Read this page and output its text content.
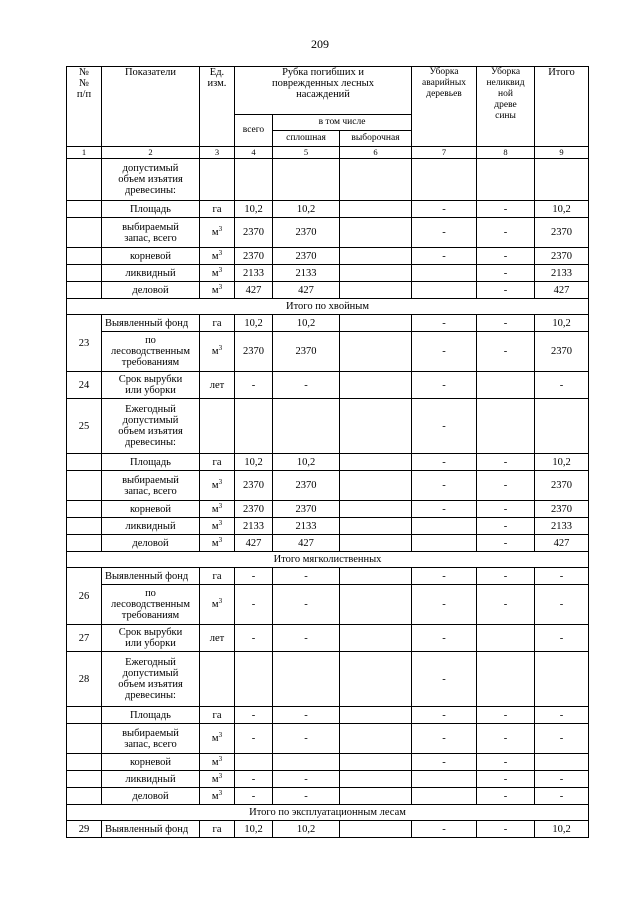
209
№
№
п/п	Показатели	Ед.
изм.	Рубка погибших и
поврежденных лесных
насаждений			Уборка
аварийных
деревьев	Уборка
неликвид
ной
древе
сины	Итого
			всего	в том числе				
				сплошная	выборочная			
1	2	3	4	5	6	7	8	9
	допустимый
объем изъятия
древесины:							
	Площадь	га	10,2	10,2		-	-	10,2
	выбираемый
запас, всего	$м^3$	2370	2370		-	-	2370
	корневой	$м^3$	2370	2370		-	-	2370
	ликвидный	$м^3$	2133	2133			-	2133
	деловой	$м^3$	427	427			-	427
Итого по хвойным								
23	Выявленный фонд	га	10,2	10,2		-	-	10,2
	по
лесоводственным
требованиям	$м^3$	2370	2370		-	-	2370
24	Срок вырубки
или уборки	лет	-	-		-		-
25	Ежегодный
допустимый
объем изъятия
древесины:					-		
	Площадь	га	10,2	10,2		-	-	10,2
	выбираемый
запас, всего	$м^3$	2370	2370		-	-	2370
	корневой	$м^3$	2370	2370		-	-	2370
	ликвидный	$м^3$	2133	2133			-	2133
	деловой	$м^3$	427	427			-	427
Итого мягколиственных								
26	Выявленный фонд	га	-	-		-	-	-
	по
лесоводственным
требованиям	$м^3$	-	-		-	-	-
27	Срок вырубки
или уборки	лет	-	-		-		-
28	Ежегодный
допустимый
объем изъятия
древесины:					-		
	Площадь	га	-	-		-	-	-
	выбираемый
запас, всего	$м^3$	-	-		-	-	-
	корневой	$м^3$				-	-	
	ликвидный	$м^3$	-	-			-	-
	деловой	$м^3$	-	-			-	-
Итого по эксплуатационным лесам								
29	Выявленный фонд	га	10,2	10,2		-	-	10,2
